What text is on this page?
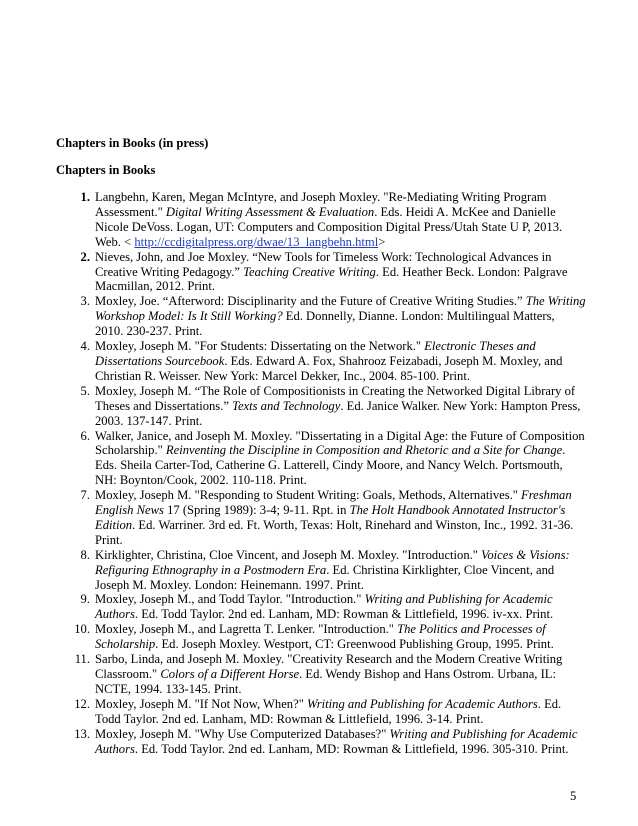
Chapters in Books (in press)
Chapters in Books
1. Langbehn, Karen, Megan McIntyre, and Joseph Moxley. "Re-Mediating Writing Program Assessment." Digital Writing Assessment & Evaluation. Eds. Heidi A. McKee and Danielle Nicole DeVoss. Logan, UT: Computers and Composition Digital Press/Utah State U P, 2013. Web. < http://ccdigitalpress.org/dwae/13_langbehn.html>
2. Nieves, John, and Joe Moxley. “New Tools for Timeless Work: Technological Advances in Creative Writing Pedagogy.” Teaching Creative Writing. Ed. Heather Beck. London: Palgrave Macmillan, 2012. Print.
3. Moxley, Joe. “Afterword: Disciplinarity and the Future of Creative Writing Studies.” The Writing Workshop Model: Is It Still Working? Ed. Donnelly, Dianne. London: Multilingual Matters, 2010. 230-237. Print.
4. Moxley, Joseph M. "For Students: Dissertating on the Network." Electronic Theses and Dissertations Sourcebook. Eds. Edward A. Fox, Shahrooz Feizabadi, Joseph M. Moxley, and Christian R. Weisser. New York: Marcel Dekker, Inc., 2004. 85-100. Print.
5. Moxley, Joseph M. “The Role of Compositionists in Creating the Networked Digital Library of Theses and Dissertations.” Texts and Technology. Ed. Janice Walker. New York: Hampton Press, 2003. 137-147. Print.
6. Walker, Janice, and Joseph M. Moxley. "Dissertating in a Digital Age: the Future of Composition Scholarship." Reinventing the Discipline in Composition and Rhetoric and a Site for Change. Eds. Sheila Carter-Tod, Catherine G. Latterell, Cindy Moore, and Nancy Welch. Portsmouth, NH: Boynton/Cook, 2002. 110-118. Print.
7. Moxley, Joseph M. "Responding to Student Writing: Goals, Methods, Alternatives." Freshman English News 17 (Spring 1989): 3-4; 9-11. Rpt. in The Holt Handbook Annotated Instructor's Edition. Ed. Warriner. 3rd ed. Ft. Worth, Texas: Holt, Rinehard and Winston, Inc., 1992. 31-36. Print.
8. Kirklighter, Christina, Cloe Vincent, and Joseph M. Moxley. "Introduction." Voices & Visions: Refiguring Ethnography in a Postmodern Era. Ed. Christina Kirklighter, Cloe Vincent, and Joseph M. Moxley. London: Heinemann. 1997. Print.
9. Moxley, Joseph M., and Todd Taylor. "Introduction." Writing and Publishing for Academic Authors. Ed. Todd Taylor. 2nd ed. Lanham, MD: Rowman & Littlefield, 1996. iv-xx. Print.
10. Moxley, Joseph M., and Lagretta T. Lenker. "Introduction." The Politics and Processes of Scholarship. Ed. Joseph Moxley. Westport, CT: Greenwood Publishing Group, 1995. Print.
11. Sarbo, Linda, and Joseph M. Moxley. "Creativity Research and the Modern Creative Writing Classroom." Colors of a Different Horse. Ed. Wendy Bishop and Hans Ostrom. Urbana, IL: NCTE, 1994. 133-145. Print.
12. Moxley, Joseph M. "If Not Now, When?" Writing and Publishing for Academic Authors. Ed. Todd Taylor. 2nd ed. Lanham, MD: Rowman & Littlefield, 1996. 3-14. Print.
13. Moxley, Joseph M. "Why Use Computerized Databases?" Writing and Publishing for Academic Authors. Ed. Todd Taylor. 2nd ed. Lanham, MD: Rowman & Littlefield, 1996. 305-310. Print.
5
